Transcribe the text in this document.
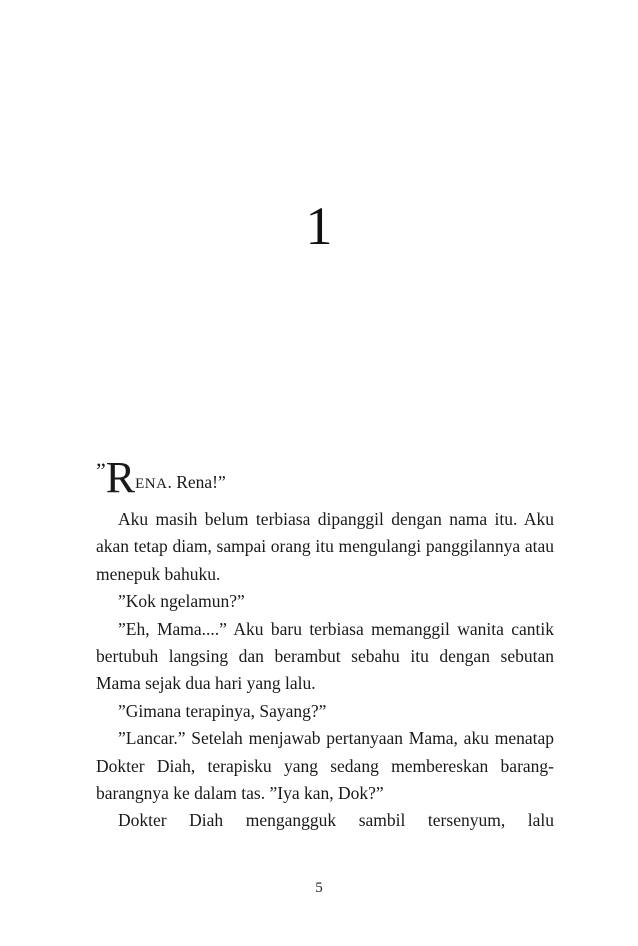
1

”RENA. Rena!”

Aku masih belum terbiasa dipanggil dengan nama itu. Aku akan tetap diam, sampai orang itu mengulangi panggilannya atau menepuk bahuku.

”Kok ngelamun?”

”Eh, Mama....” Aku baru terbiasa memanggil wanita cantik bertubuh langsing dan berambut sebahu itu dengan sebutan Mama sejak dua hari yang lalu.

”Gimana terapinya, Sayang?”

”Lancar.” Setelah menjawab pertanyaan Mama, aku menatap Dokter Diah, terapisku yang sedang membereskan barang-barangnya ke dalam tas. ”Iya kan, Dok?”

Dokter Diah mengangguk sambil tersenyum, lalu

5
